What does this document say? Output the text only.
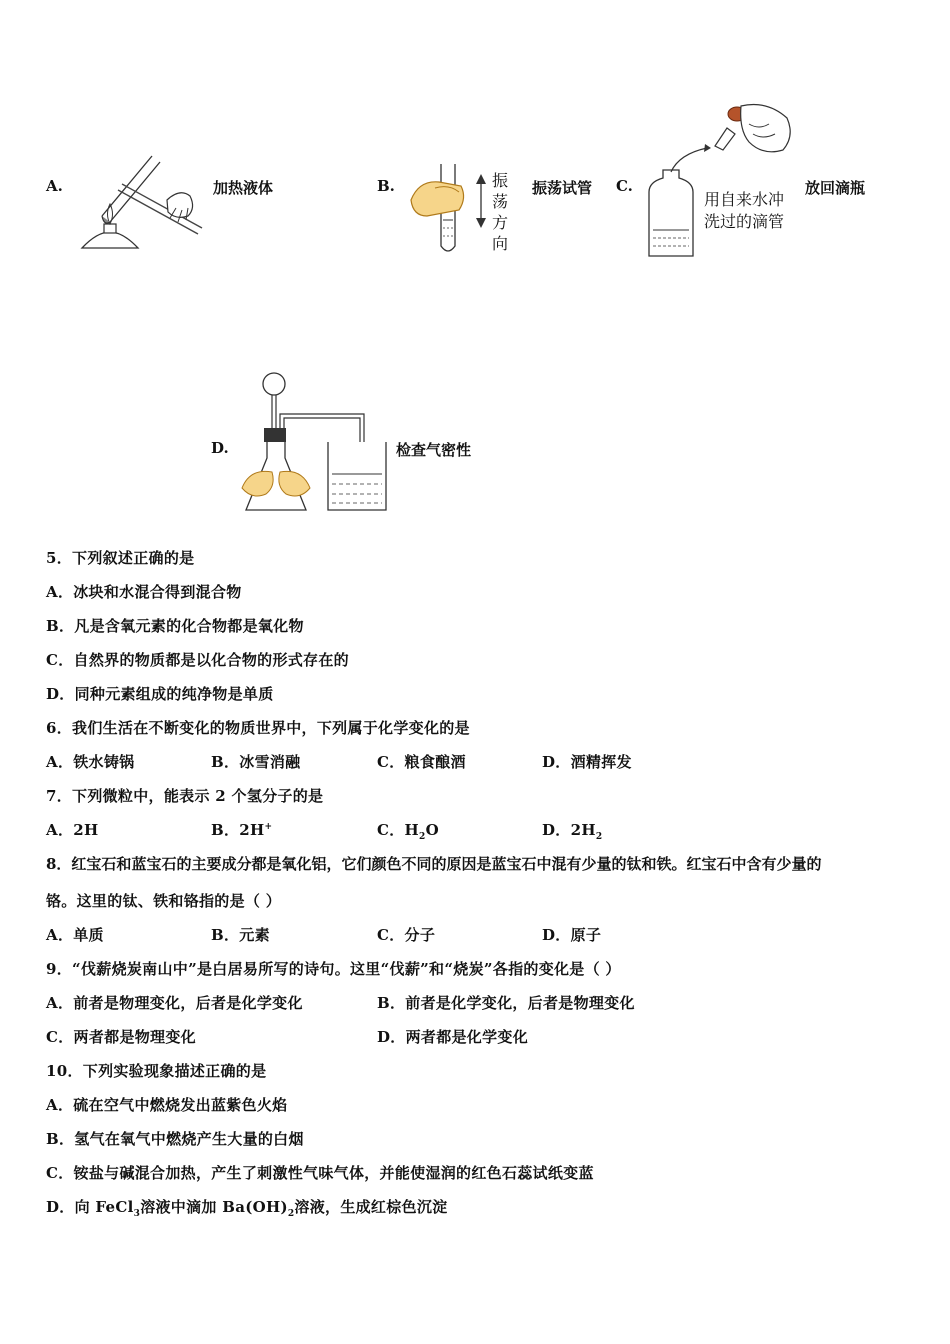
A.	加热液体	B.	振
荡
方
向
振荡试管 C.
用自来水冲
洗过的滴管
放回滴瓶
D.	检查气密性
5．下列叙述正确的是
A．冰块和水混合得到混合物
B．凡是含氧元素的化合物都是氧化物
C．自然界的物质都是以化合物的形式存在的
D．同种元素组成的纯净物是单质
6．我们生活在不断变化的物质世界中，下列属于化学变化的是
A．铁水铸锅	B．冰雪消融	C．粮食酿酒	D．酒精挥发
7．下列微粒中，能表示 2 个氢分子的是
A．2H	B．2H+	C．$H_2O$	D．$2H_2$
8．红宝石和蓝宝石的主要成分都是氧化铝，它们颜色不同的原因是蓝宝石中混有少量的钛和铁。红宝石中含有少量的
铬。这里的钛、铁和铬指的是（ ）
A．单质	B．元素	C．分子	D．原子
9．“伐薪烧炭南山中”是白居易所写的诗句。这里“伐薪”和“烧炭”各指的变化是（ ）
A．前者是物理变化，后者是化学变化	B．前者是化学变化，后者是物理变化
C．两者都是物理变化	D．两者都是化学变化
10．下列实验现象描述正确的是
A．硫在空气中燃烧发出蓝紫色火焰
B．氢气在氧气中燃烧产生大量的白烟
C．铵盐与碱混合加热，产生了刺激性气味气体，并能使湿润的红色石蕊试纸变蓝
D．向 FeCl$_3$溶液中滴加 $Ba(OH)_2$溶液，生成红棕色沉淀
